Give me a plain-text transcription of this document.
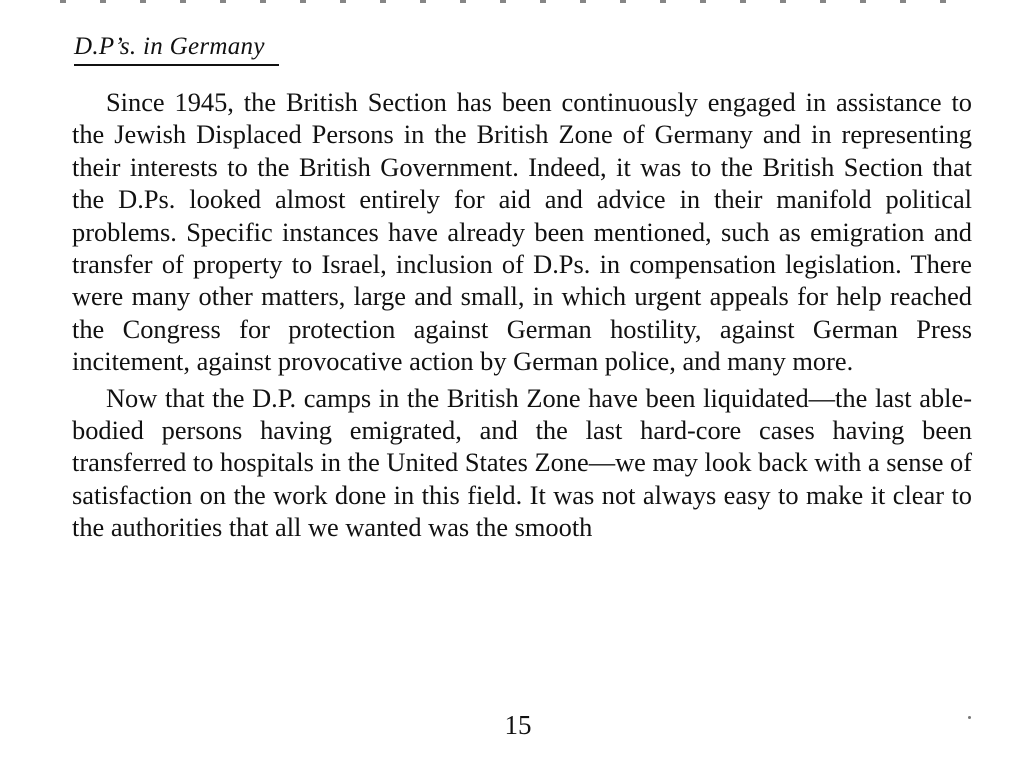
D.P’s. in Germany

Since 1945, the British Section has been continuously engaged in assistance to the Jewish Displaced Persons in the British Zone of Germany and in representing their interests to the British Government. Indeed, it was to the British Section that the D.Ps. looked almost entirely for aid and advice in their manifold political problems. Specific instances have already been mentioned, such as emigration and transfer of property to Israel, inclusion of D.Ps. in compensation legislation. There were many other matters, large and small, in which urgent appeals for help reached the Congress for protection against German hostility, against German Press incitement, against provocative action by German police, and many more.

Now that the D.P. camps in the British Zone have been liquidated—the last able-bodied persons having emigrated, and the last hard-core cases having been transferred to hospitals in the United States Zone—we may look back with a sense of satisfaction on the work done in this field. It was not always easy to make it clear to the authorities that all we wanted was the smooth

15
